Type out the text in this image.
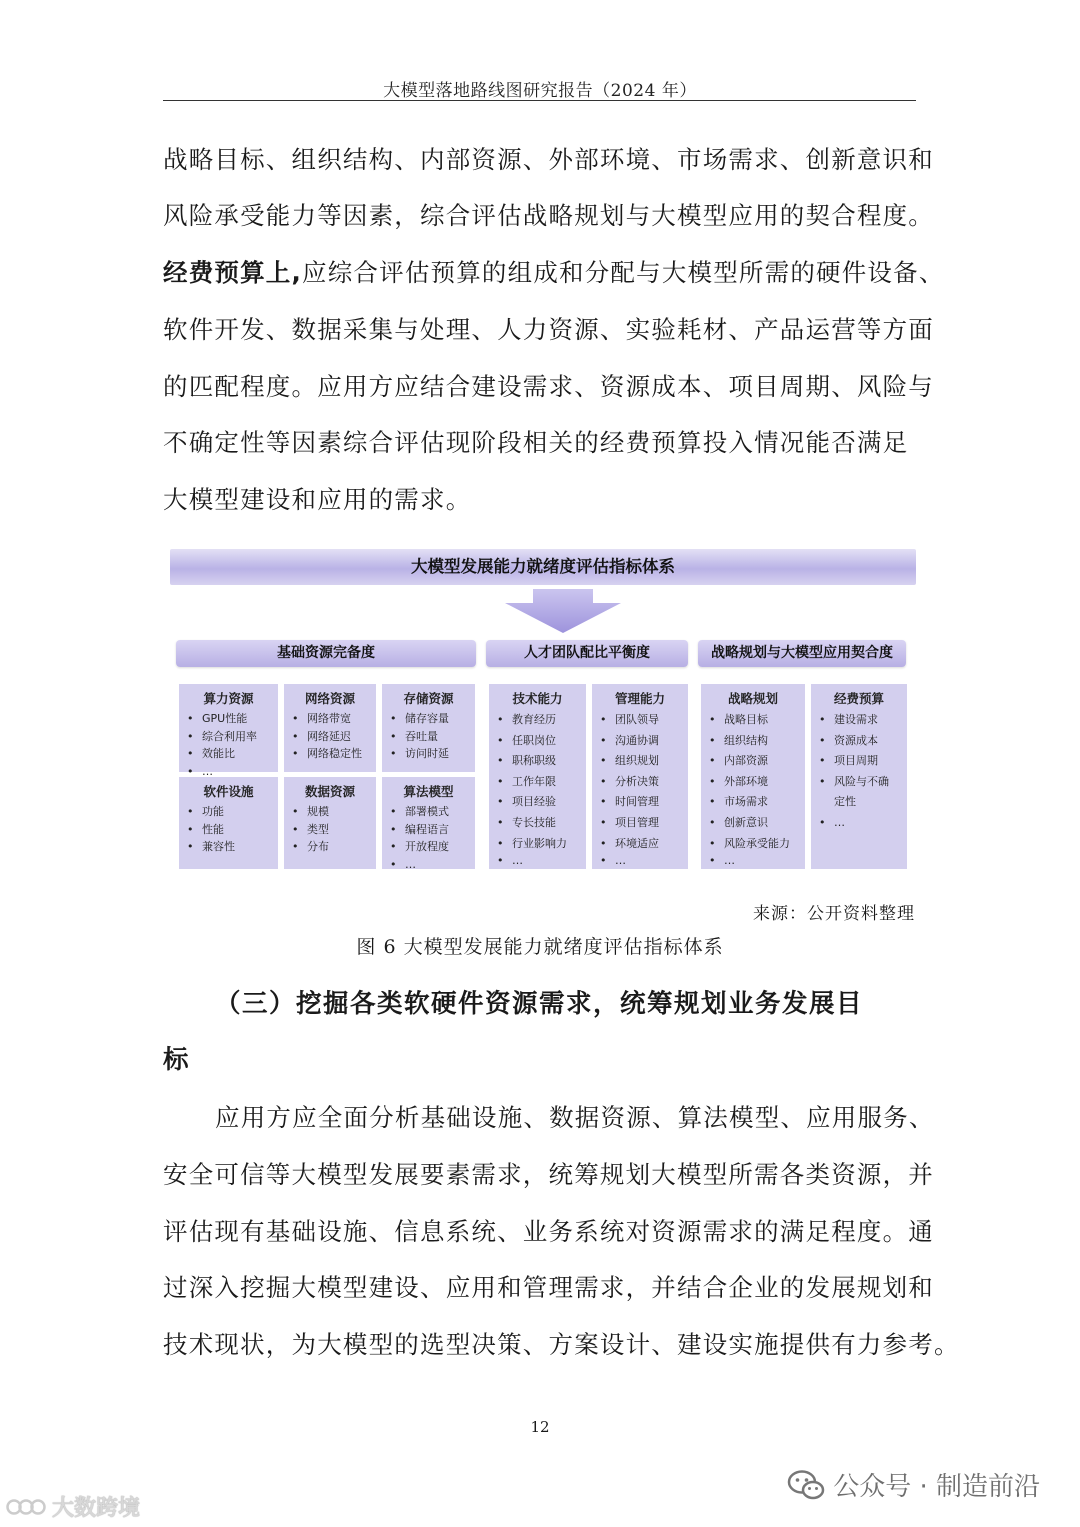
大模型落地路线图研究报告（2024 年）
战略目标、组织结构、内部资源、外部环境、市场需求、创新意识和
风险承受能力等因素，综合评估战略规划与大模型应用的契合程度。
经费预算上,应综合评估预算的组成和分配与大模型所需的硬件设备、
软件开发、数据采集与处理、人力资源、实验耗材、产品运营等方面
的匹配程度。应用方应结合建设需求、资源成本、项目周期、风险与
不确定性等因素综合评估现阶段相关的经费预算投入情况能否满足
大模型建设和应用的需求。
大模型发展能力就绪度评估指标体系
基础资源完备度	人才团队配比平衡度	战略规划与大模型应用契合度
算力资源
• GPU性能
• 综合利用率
• 效能比
• …
网络资源
• 网络带宽
• 网络延迟
• 网络稳定性
存储资源
• 储存容量
• 吞吐量
• 访问时延
软件设施
• 功能
• 性能
• 兼容性
数据资源
• 规模
• 类型
• 分布
算法模型
• 部署模式
• 编程语言
• 开放程度
• …
技术能力
• 教育经历
• 任职岗位
• 职称职级
• 工作年限
• 项目经验
• 专长技能
• 行业影响力
• …
管理能力
• 团队领导
• 沟通协调
• 组织规划
• 分析决策
• 时间管理
• 项目管理
• 环境适应
• …
战略规划
• 战略目标
• 组织结构
• 内部资源
• 外部环境
• 市场需求
• 创新意识
• 风险承受能力
• …
经费预算
• 建设需求
• 资源成本
• 项目周期
• 风险与不确
定性
• …
来源：公开资料整理
图 6 大模型发展能力就绪度评估指标体系
（三）挖掘各类软硬件资源需求，统筹规划业务发展目
标
应用方应全面分析基础设施、数据资源、算法模型、应用服务、
安全可信等大模型发展要素需求，统筹规划大模型所需各类资源，并
评估现有基础设施、信息系统、业务系统对资源需求的满足程度。通
过深入挖掘大模型建设、应用和管理需求，并结合企业的发展规划和
技术现状，为大模型的选型决策、方案设计、建设实施提供有力参考。
12
公众号 · 制造前沿
大数跨境
